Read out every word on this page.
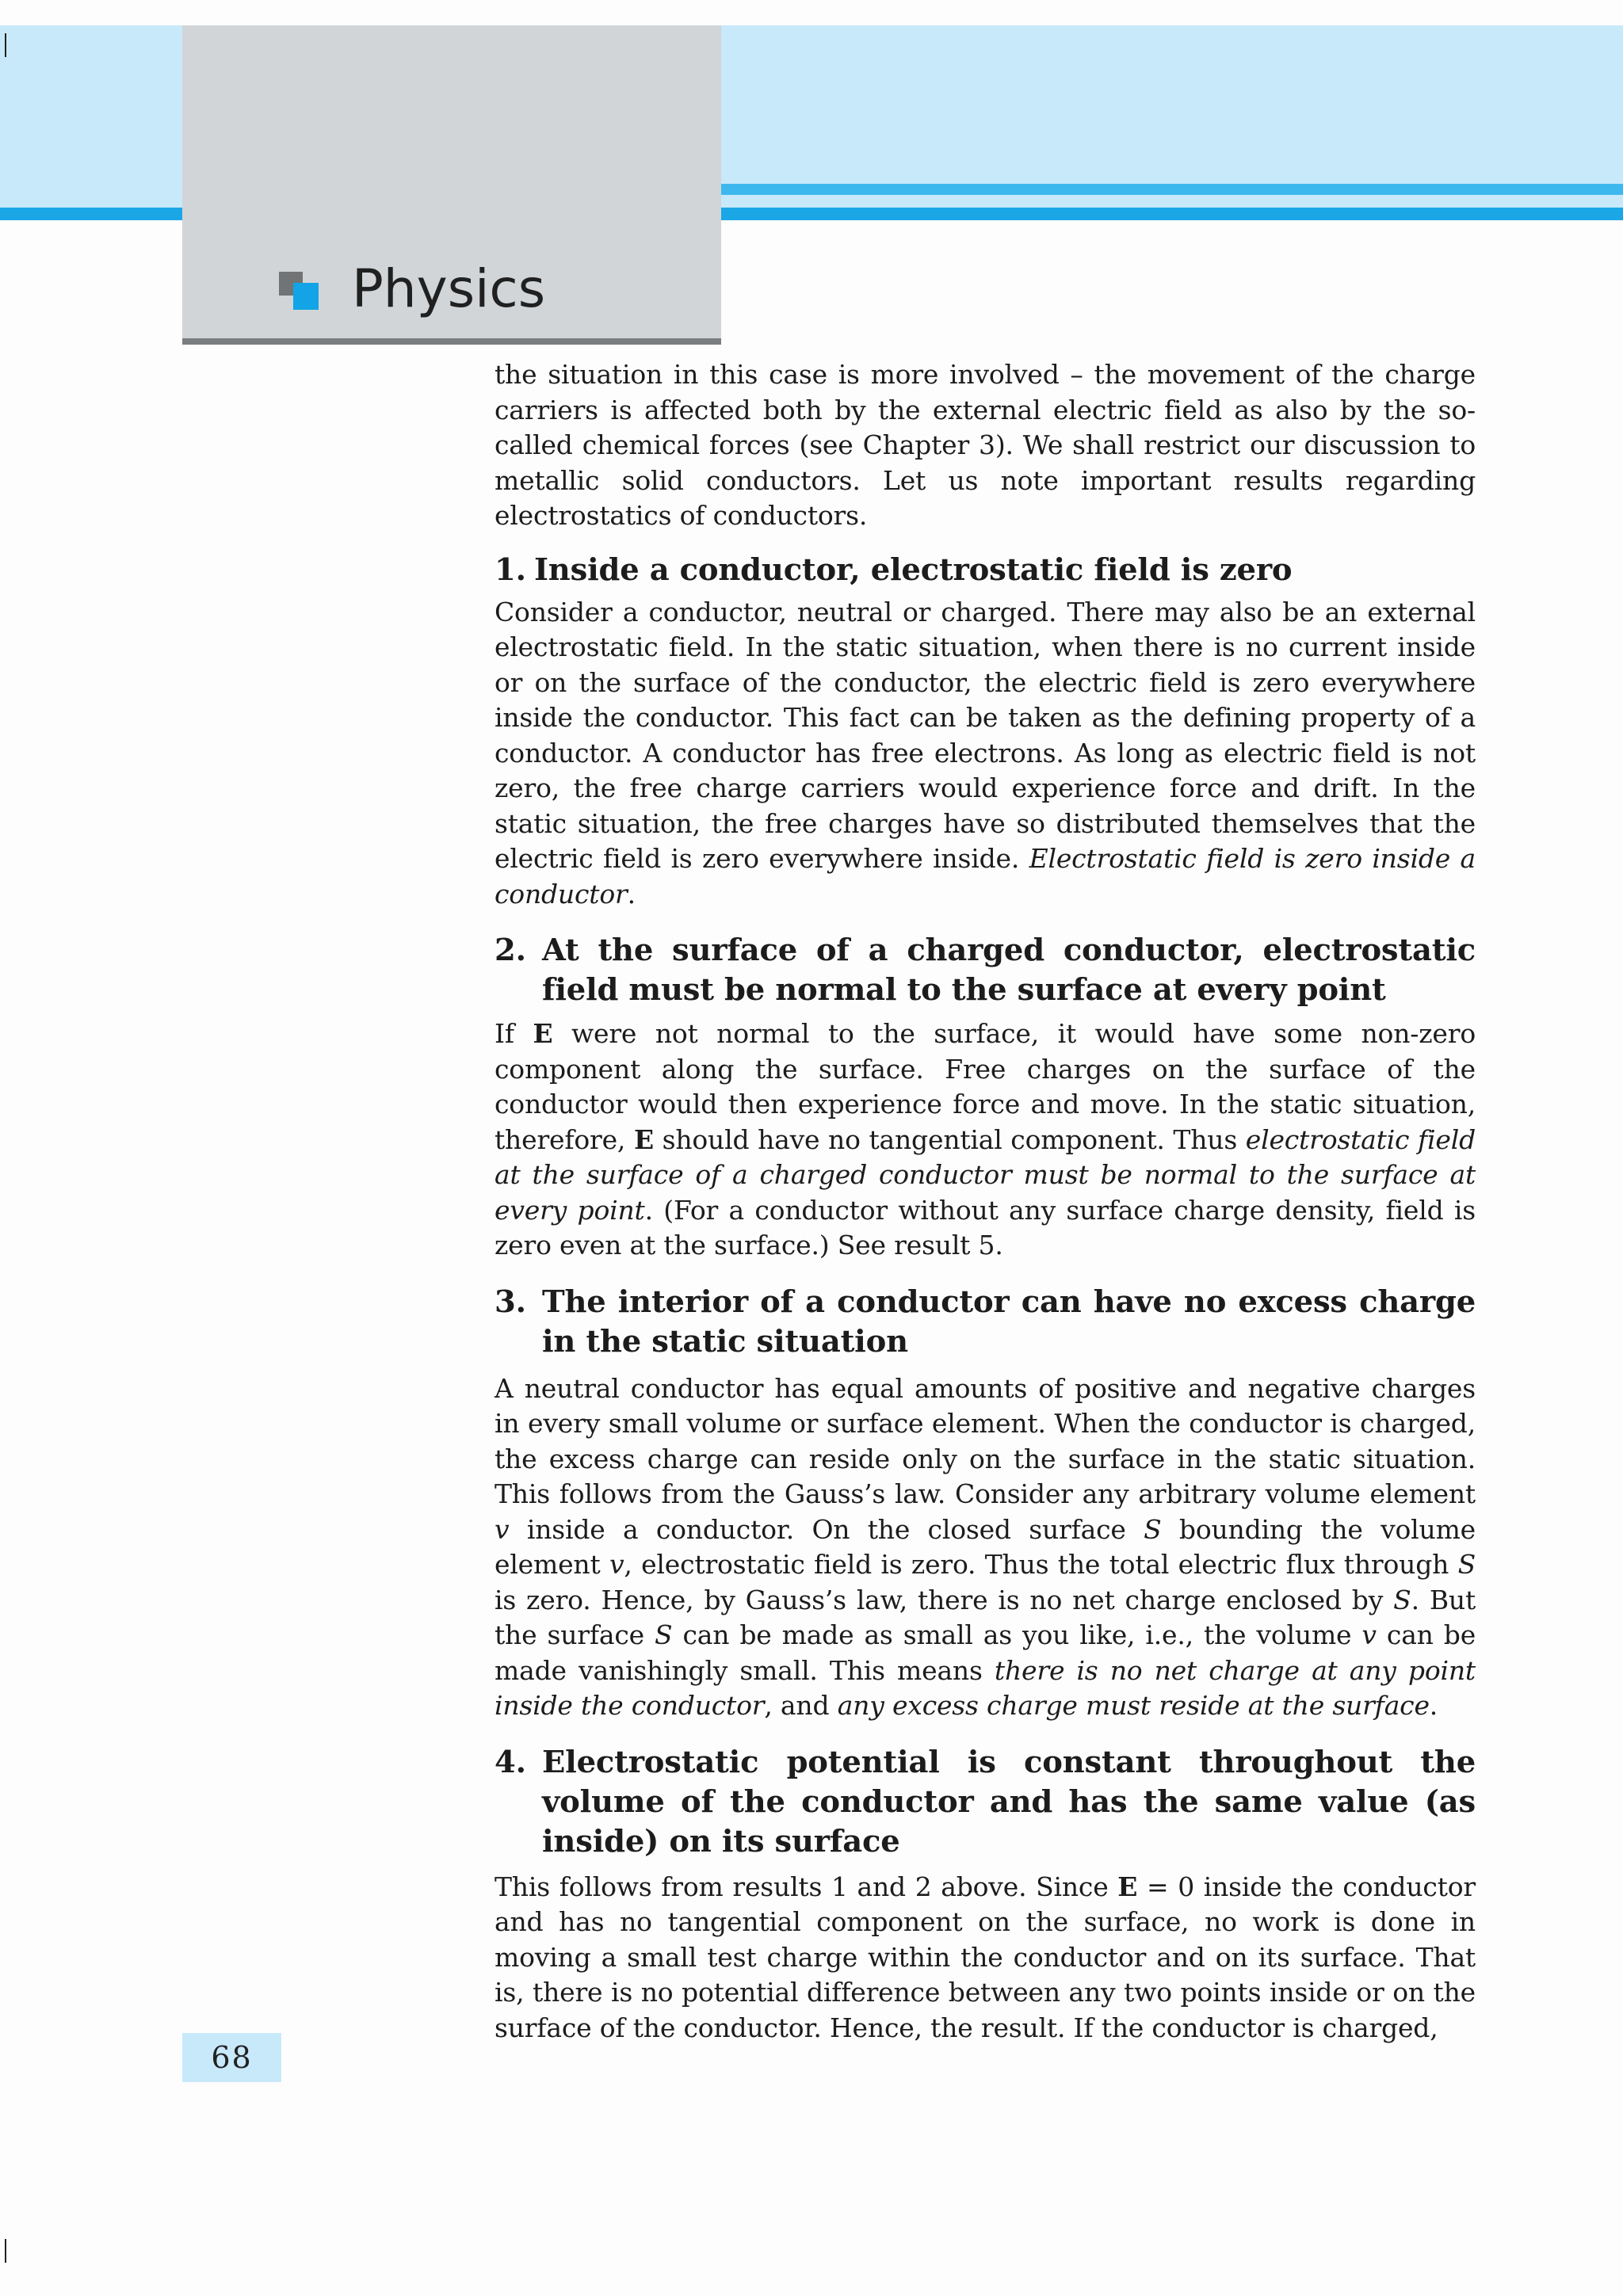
Physics

the situation in this case is more involved – the movement of the charge carriers is affected both by the external electric field as also by the so-called chemical forces (see Chapter 3). We shall restrict our discussion to metallic solid conductors. Let us note important results regarding electrostatics of conductors.

1. Inside a conductor, electrostatic field is zero

Consider a conductor, neutral or charged. There may also be an external electrostatic field. In the static situation, when there is no current inside or on the surface of the conductor, the electric field is zero everywhere inside the conductor. This fact can be taken as the defining property of a conductor. A conductor has free electrons. As long as electric field is not zero, the free charge carriers would experience force and drift. In the static situation, the free charges have so distributed themselves that the electric field is zero everywhere inside. Electrostatic field is zero inside a conductor.

2. At the surface of a charged conductor, electrostatic field must be normal to the surface at every point

If E were not normal to the surface, it would have some non-zero component along the surface. Free charges on the surface of the conductor would then experience force and move. In the static situation, therefore, E should have no tangential component. Thus electrostatic field at the surface of a charged conductor must be normal to the surface at every point. (For a conductor without any surface charge density, field is zero even at the surface.) See result 5.

3. The interior of a conductor can have no excess charge in the static situation

A neutral conductor has equal amounts of positive and negative charges in every small volume or surface element. When the conductor is charged, the excess charge can reside only on the surface in the static situation. This follows from the Gauss’s law. Consider any arbitrary volume element v inside a conductor. On the closed surface S bounding the volume element v, electrostatic field is zero. Thus the total electric flux through S is zero. Hence, by Gauss’s law, there is no net charge enclosed by S. But the surface S can be made as small as you like, i.e., the volume v can be made vanishingly small. This means there is no net charge at any point inside the conductor, and any excess charge must reside at the surface.

4. Electrostatic potential is constant throughout the volume of the conductor and has the same value (as inside) on its surface

This follows from results 1 and 2 above. Since E = 0 inside the conductor and has no tangential component on the surface, no work is done in moving a small test charge within the conductor and on its surface. That is, there is no potential difference between any two points inside or on the surface of the conductor. Hence, the result. If the conductor is charged,

68
